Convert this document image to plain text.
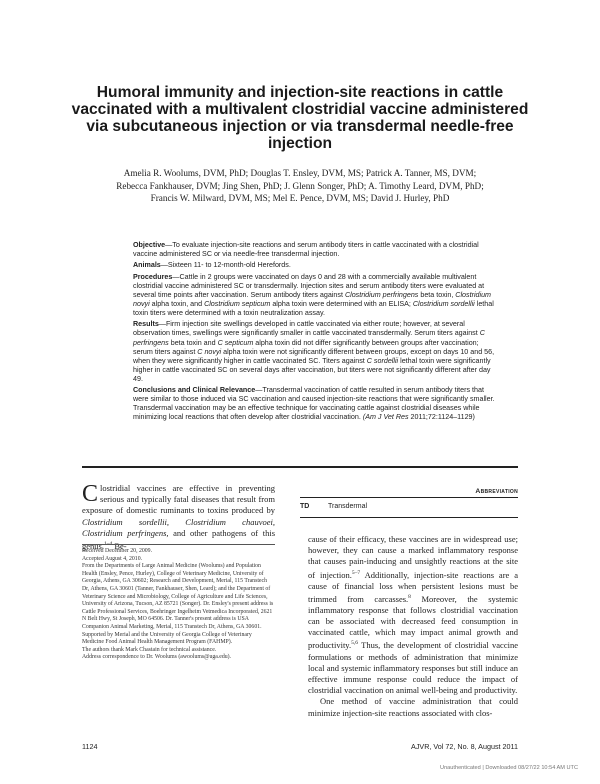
Humoral immunity and injection-site reactions in cattle vaccinated with a multivalent clostridial vaccine administered via subcutaneous injection or via transdermal needle-free injection
Amelia R. Woolums, DVM, PhD; Douglas T. Ensley, DVM, MS; Patrick A. Tanner, MS, DVM;
Rebecca Fankhauser, DVM; Jing Shen, PhD; J. Glenn Songer, PhD; A. Timothy Leard, DVM, PhD;
Francis W. Milward, DVM, MS; Mel E. Pence, DVM, MS; David J. Hurley, PhD

Objective—To evaluate injection-site reactions and serum antibody titers in cattle vaccinated with a clostridial vaccine administered SC or via needle-free transdermal injection.

Animals—Sixteen 11- to 12-month-old Herefords.

Procedures—Cattle in 2 groups were vaccinated on days 0 and 28 with a commercially available multivalent clostridial vaccine administered SC or transdermally. Injection sites and serum antibody titers were evaluated at several time points after vaccination. Serum antibody titers against Clostridium perfringens beta toxin, Clostridium novyi alpha toxin, and Clostridium septicum alpha toxin were determined with an ELISA; Clostridium sordellii lethal toxin titers were determined with a toxin neutralization assay.

Results—Firm injection site swellings developed in cattle vaccinated via either route; however, at several observation times, swellings were significantly smaller in cattle vaccinated transdermally. Serum titers against C perfringens beta toxin and C septicum alpha toxin did not differ significantly between groups after vaccination; serum titers against C novyi alpha toxin were not significantly different between groups, except on days 10 and 56, when they were significantly higher in cattle vaccinated SC. Titers against C sordellii lethal toxin were significantly higher in cattle vaccinated SC on several days after vaccination, but titers were not significantly different after day 49.

Conclusions and Clinical Relevance—Transdermal vaccination of cattle resulted in serum antibody titers that were similar to those induced via SC vaccination and caused injection-site reactions that were significantly smaller. Transdermal vaccination may be an effective technique for vaccinating cattle against clostridial diseases while minimizing local reactions that often develop after clostridial vaccination. (Am J Vet Res 2011;72:1124–1129)

Clostridial vaccines are effective in preventing serious and typically fatal diseases that result from exposure of domestic ruminants to toxins produced by Clostridium sordellii, Clostridium chauvoei, Clostridium perfringens, and other pathogens of this genus.$^{1-4}$ Be-

Received December 20, 2009.

Accepted August 4, 2010.

From the Departments of Large Animal Medicine (Woolums) and Population Health (Ensley, Pence, Hurley), College of Veterinary Medicine, University of Georgia, Athens, GA 30602; Research and Development, Merial, 115 Transtech Dr, Athens, GA 30601 (Tanner, Fankhauser, Shen, Leard); and the Department of Veterinary Science and Microbiology, College of Agriculture and Life Sciences, University of Arizona, Tucson, AZ 85721 (Songer). Dr. Ensley's present address is Cattle Professional Services, Boehringer Ingelheim Vetmedica Incorporated, 2621 N Belt Hwy, St Joseph, MO 64506. Dr. Tanner's present address is USA Companion Animal Marketing, Merial, 115 Transtech Dr, Athens, GA 30601.

Supported by Merial and the University of Georgia College of Veterinary Medicine Food Animal Health Management Program (FAHMP).

The authors thank Mark Chastain for technical assistance.

Address correspondence to Dr. Woolums (awoolums@uga.edu).

Abbreviation
TD	Transdermal

cause of their efficacy, these vaccines are in widespread use; however, they can cause a marked inflammatory response that causes pain-inducing and unsightly reactions at the site of injection.$^{5-7}$ Additionally, injection-site reactions are a cause of financial loss when persistent lesions must be trimmed from carcasses.$^8$ Moreover, the systemic inflammatory response that follows clostridial vaccination can be associated with decreased feed consumption in vaccinated cattle, which may impact animal growth and productivity.$^{5,6}$ Thus, the development of clostridial vaccine formulations or methods of administration that minimize local and systemic inflammatory responses but still induce an effective immune response could reduce the impact of clostridial vaccination on animal well-being and productivity.

One method of vaccine administration that could minimize injection-site reactions associated with clos-

1124	AJVR, Vol 72, No. 8, August 2011
Unauthenticated | Downloaded 08/27/22 10:54 AM UTC
